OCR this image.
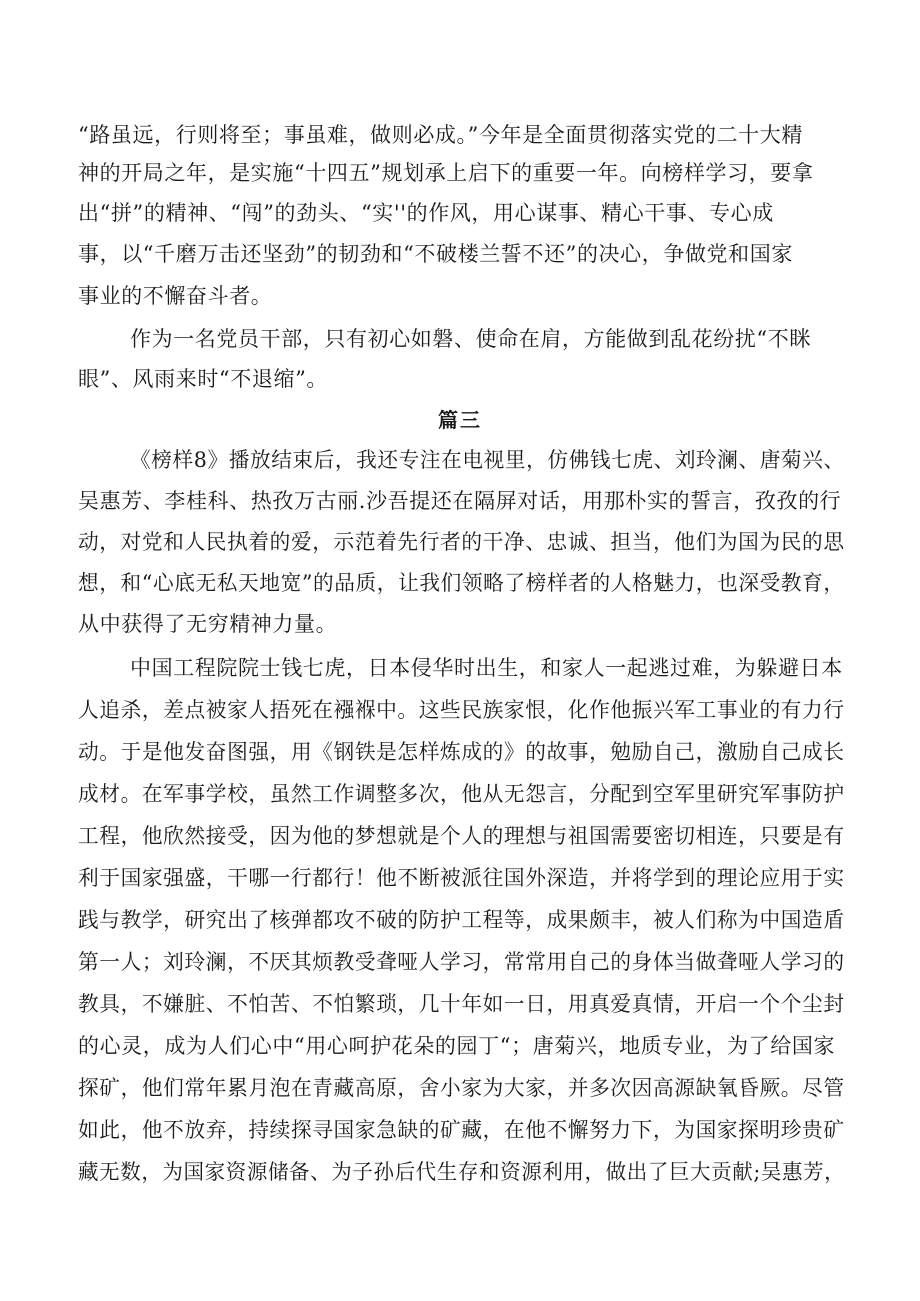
“路虽远，行则将至；事虽难，做则必成。”今年是全面贯彻落实党的二十大精
神的开局之年，是实施“十四五”规划承上启下的重要一年。向榜样学习，要拿
出“拼”的精神、“闯”的劲头、“实''的作风，用心谋事、精心干事、专心成
事，以“千磨万击还坚劲”的韧劲和“不破楼兰誓不还”的决心，争做党和国家
事业的不懈奋斗者。
作为一名党员干部，只有初心如磐、使命在肩，方能做到乱花纷扰“不眯
眼”、风雨来时“不退缩”。
篇三
《榜样8》播放结束后，我还专注在电视里，仿佛钱七虎、刘玲澜、唐菊兴、
吴惠芳、李桂科、热孜万古丽.沙吾提还在隔屏对话，用那朴实的誓言，孜孜的行
动，对党和人民执着的爱，示范着先行者的干净、忠诚、担当，他们为国为民的思
想，和“心底无私天地宽”的品质，让我们领略了榜样者的人格魅力，也深受教育，
从中获得了无穷精神力量。
中国工程院院士钱七虎，日本侵华时出生，和家人一起逃过难，为躲避日本
人追杀，差点被家人捂死在襁褓中。这些民族家恨，化作他振兴军工事业的有力行
动。于是他发奋图强，用《钢铁是怎样炼成的》的故事，勉励自己，激励自己成长
成材。在军事学校，虽然工作调整多次，他从无怨言，分配到空军里研究军事防护
工程，他欣然接受，因为他的梦想就是个人的理想与祖国需要密切相连，只要是有
利于国家强盛，干哪一行都行！他不断被派往国外深造，并将学到的理论应用于实
践与教学，研究出了核弹都攻不破的防护工程等，成果颇丰，被人们称为中国造盾
第一人；刘玲澜，不厌其烦教受聋哑人学习，常常用自己的身体当做聋哑人学习的
教具，不嫌脏、不怕苦、不怕繁琐，几十年如一日，用真爱真情，开启一个个尘封
的心灵，成为人们心中“用心呵护花朵的园丁“；唐菊兴，地质专业，为了给国家
探矿，他们常年累月泡在青藏高原，舍小家为大家，并多次因高源缺氧昏厥。尽管
如此，他不放弃，持续探寻国家急缺的矿藏，在他不懈努力下，为国家探明珍贵矿
藏无数，为国家资源储备、为子孙后代生存和资源利用，做出了巨大贡献;吴惠芳，
